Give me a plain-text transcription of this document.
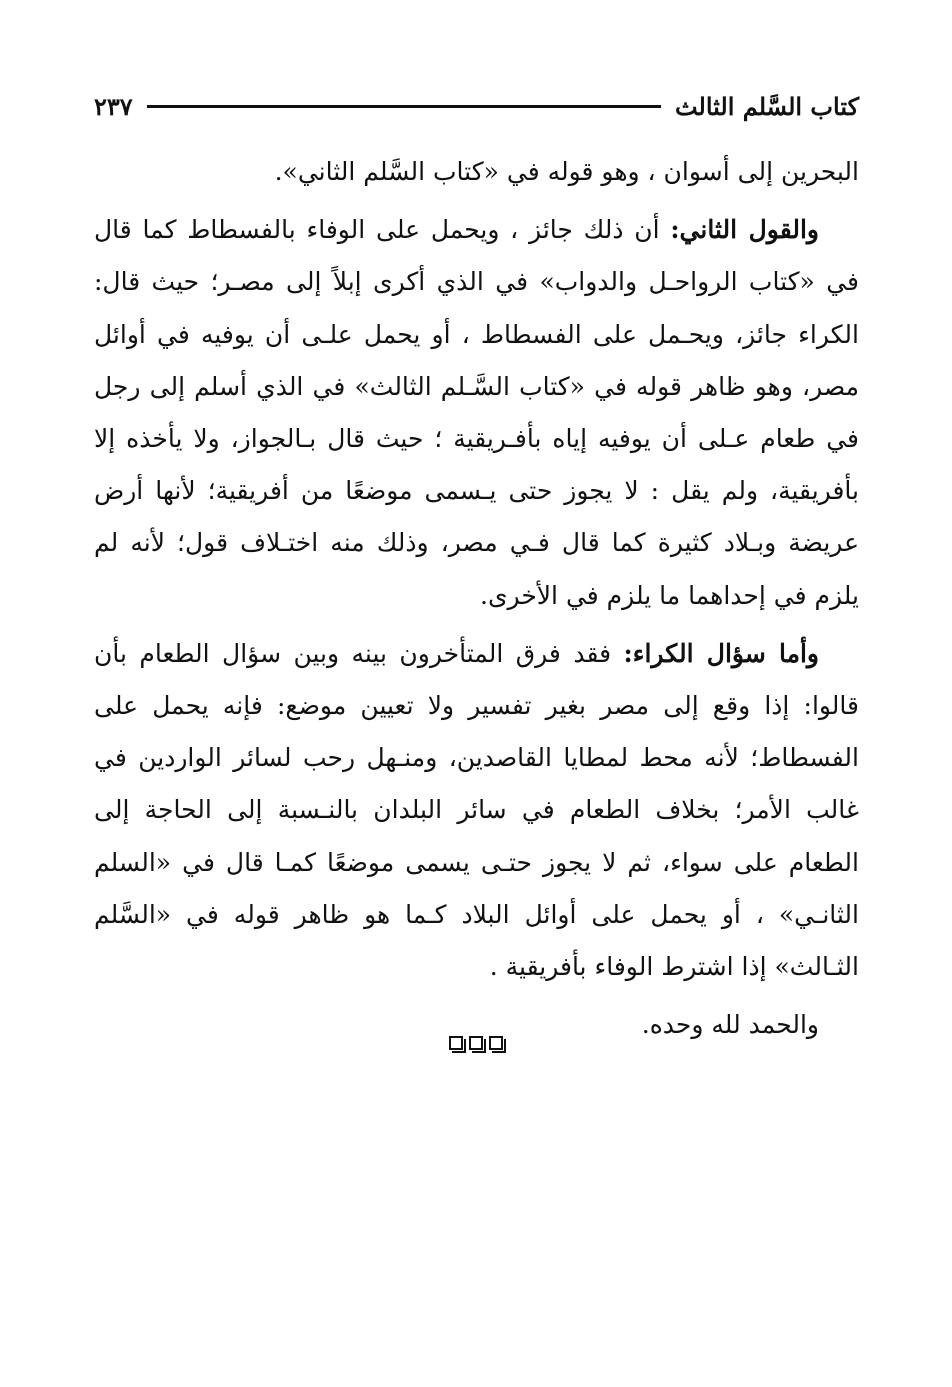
كتاب السَّلم الثالث
٢٣٧

البحرين إلى أسوان ، وهو قوله في «كتاب السَّلم الثاني».

والقول الثاني: أن ذلك جائز ، ويحمل على الوفاء بالفسطاط كما قال في «كتاب الرواحـل والدواب» في الذي أكرى إبلاً إلى مصـر؛ حيث قال: الكراء جائز، ويحـمل على الفسطاط ، أو يحمل علـى أن يوفيه في أوائل مصر، وهو ظاهر قوله في «كتاب السَّـلم الثالث» في الذي أسلم إلى رجل في طعام عـلى أن يوفيه إياه بأفـريقية ؛ حيث قال بـالجواز، ولا يأخذه إلا بأفريقية، ولم يقل : لا يجوز حتى يـسمى موضعًا من أفريقية؛ لأنها أرض عريضة وبـلاد كثيرة كما قال فـي مصر، وذلك منه اختـلاف قول؛ لأنه لم يلزم في إحداهما ما يلزم في الأخرى.

وأما سؤال الكراء: فقد فرق المتأخرون بينه وبين سؤال الطعام بأن قالوا: إذا وقع إلى مصر بغير تفسير ولا تعيين موضع: فإنه يحمل على الفسطاط؛ لأنه محط لمطايا القاصدين، ومنـهل رحب لسائر الواردين في غالب الأمر؛ بخلاف الطعام في سائر البلدان بالنـسبة إلى الحاجة إلى الطعام على سواء، ثم لا يجوز حتـى يسمى موضعًا كمـا قال في «السلم الثانـي» ، أو يحمل على أوائل البلاد كـما هو ظاهر قوله في «السَّلم الثـالث» إذا اشترط الوفاء بأفريقية .

والحمد لله وحده.
